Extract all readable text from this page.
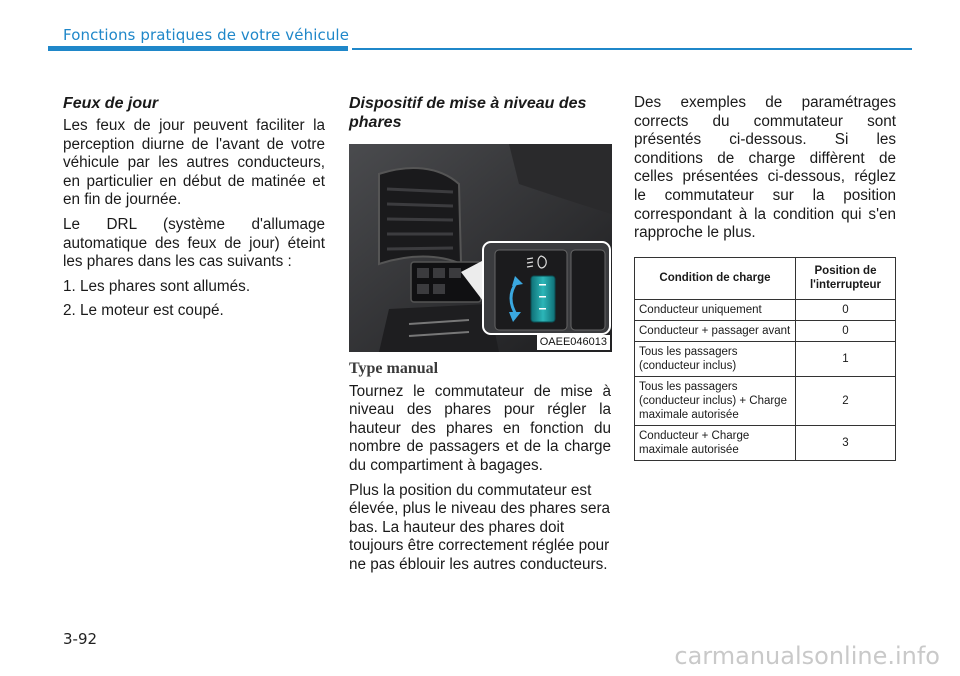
Fonctions pratiques de votre véhicule
Feux de jour

Les feux de jour peuvent faciliter la perception diurne de l'avant de votre véhicule par les autres conducteurs, en particulier en début de matinée et en fin de journée.

Le DRL (système d'allumage automatique des feux de jour) éteint les phares dans les cas suivants :

1. Les phares sont allumés.

2. Le moteur est coupé.

Dispositif de mise à niveau des phares
OAEE046013
Type manual

Tournez le commutateur de mise à niveau des phares pour régler la hauteur des phares en fonction du nombre de passagers et de la charge du compartiment à bagages.

Plus la position du commutateur est élevée, plus le niveau des phares sera bas. La hauteur des phares doit toujours être correctement réglée pour ne pas éblouir les autres conducteurs.

Des exemples de paramétrages corrects du commutateur sont présentés ci-dessous. Si les conditions de charge diffèrent de celles présentées ci-dessous, réglez le commutateur sur la position correspondant à la condition qui s'en rapproche le plus.

Condition de charge	Position de l'interrupteur
Conducteur uniquement	0
Conducteur + passager avant	0
Tous les passagers (conducteur inclus)	1
Tous les passagers (conducteur inclus) + Charge maximale autorisée	2
Conducteur + Charge maximale autorisée	3
3-92
carmanualsonline.info
